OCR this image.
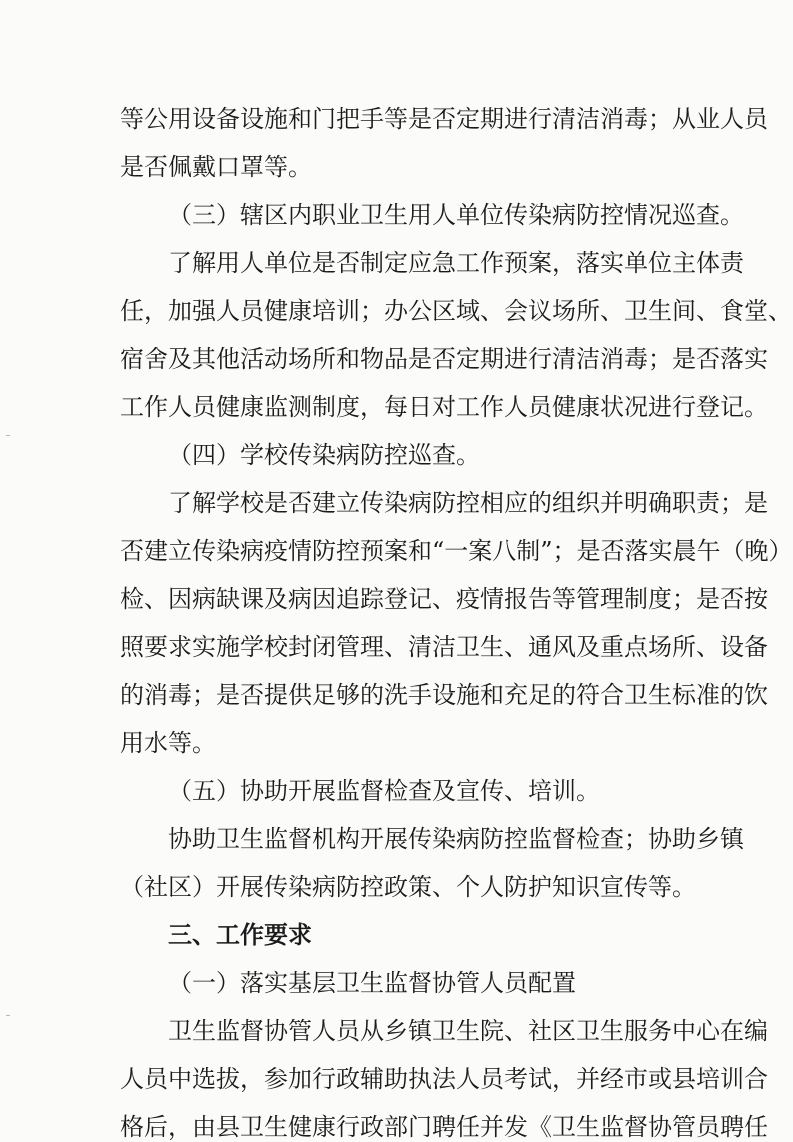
等公用设备设施和门把手等是否定期进行清洁消毒；从业人员
是否佩戴口罩等。
（三）辖区内职业卫生用人单位传染病防控情况巡查。
了解用人单位是否制定应急工作预案，落实单位主体责
任，加强人员健康培训；办公区域、会议场所、卫生间、食堂、
宿舍及其他活动场所和物品是否定期进行清洁消毒；是否落实
工作人员健康监测制度，每日对工作人员健康状况进行登记。
（四）学校传染病防控巡查。
了解学校是否建立传染病防控相应的组织并明确职责；是
否建立传染病疫情防控预案和“一案八制”；是否落实晨午（晚）
检、因病缺课及病因追踪登记、疫情报告等管理制度；是否按
照要求实施学校封闭管理、清洁卫生、通风及重点场所、设备
的消毒；是否提供足够的洗手设施和充足的符合卫生标准的饮
用水等。
（五）协助开展监督检查及宣传、培训。
协助卫生监督机构开展传染病防控监督检查；协助乡镇
（社区）开展传染病防控政策、个人防护知识宣传等。
三、工作要求
（一）落实基层卫生监督协管人员配置
卫生监督协管人员从乡镇卫生院、社区卫生服务中心在编
人员中选拔，参加行政辅助执法人员考试，并经市或县培训合
格后，由县卫生健康行政部门聘任并发《卫生监督协管员聘任
